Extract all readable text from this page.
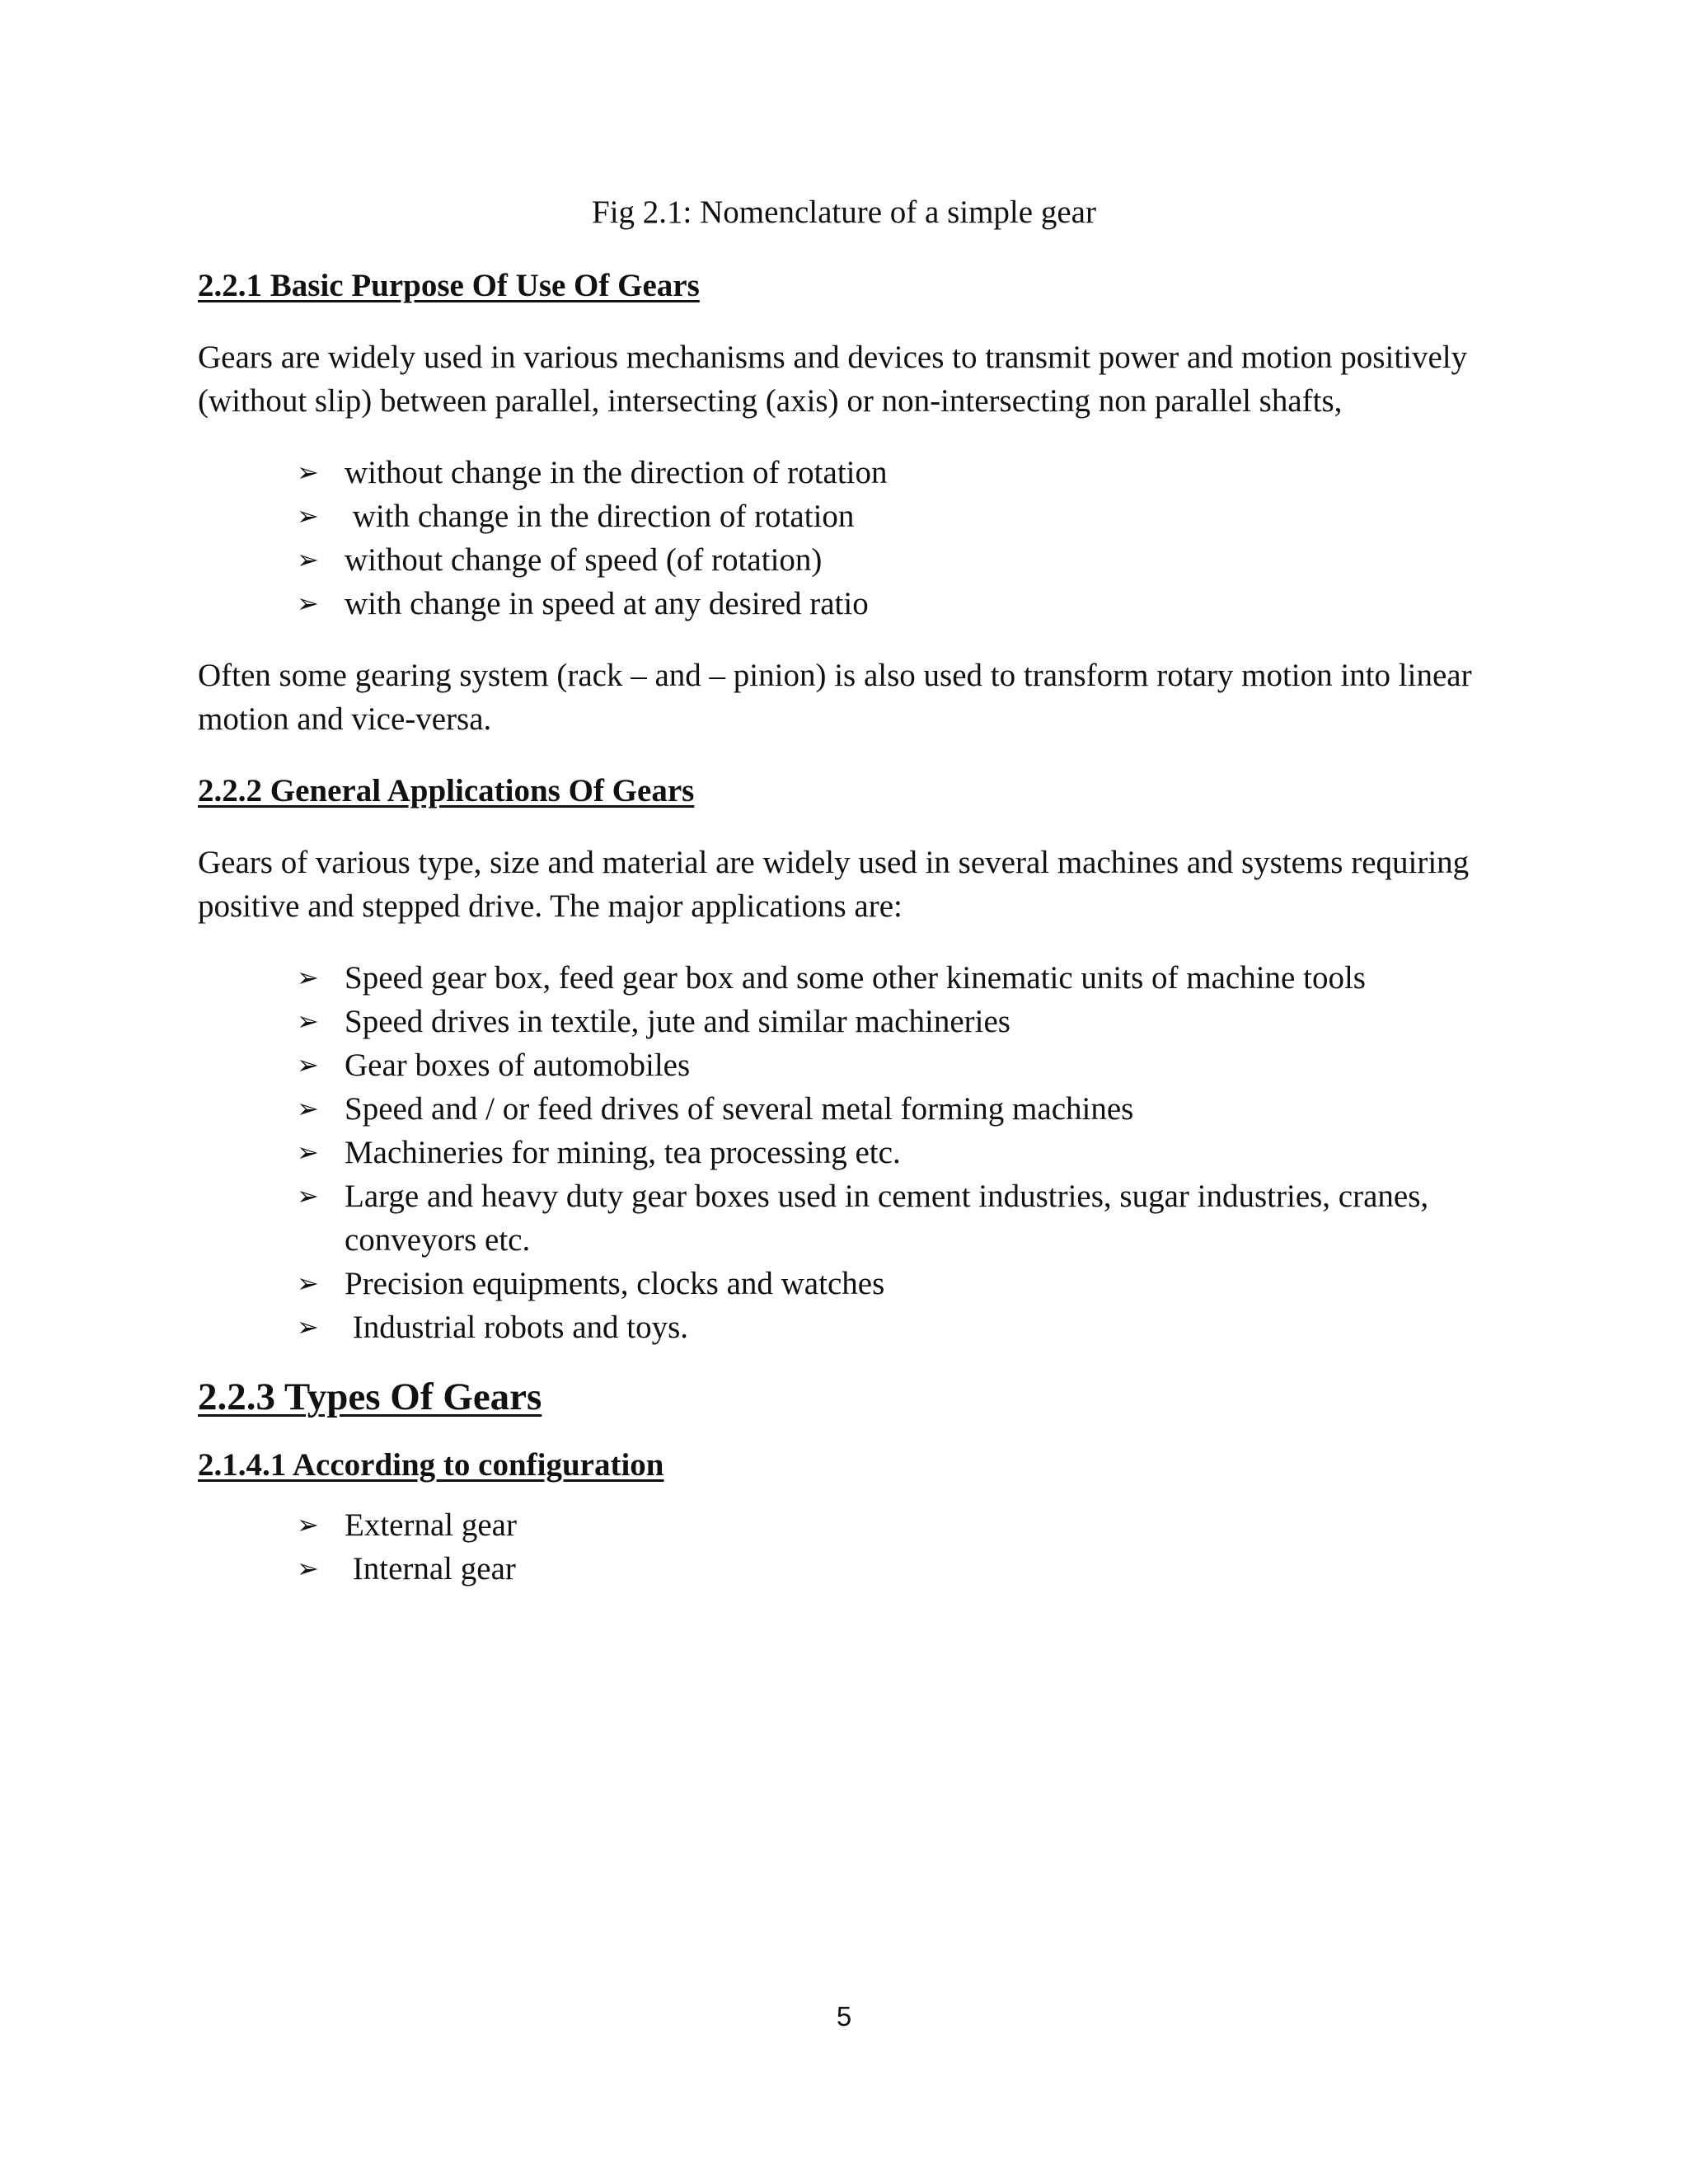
Fig 2.1: Nomenclature of a simple gear
2.2.1 Basic Purpose Of Use Of Gears

Gears are widely used in various mechanisms and devices to transmit power and motion positively (without slip) between parallel, intersecting (axis) or non-intersecting non parallel shafts,

➢ without change in the direction of rotation
➢ with change in the direction of rotation
➢ without change of speed (of rotation)
➢ with change in speed at any desired ratio

Often some gearing system (rack – and – pinion) is also used to transform rotary motion into linear motion and vice-versa.

2.2.2 General Applications Of Gears

Gears of various type, size and material are widely used in several machines and systems requiring positive and stepped drive. The major applications are:

➢ Speed gear box, feed gear box and some other kinematic units of machine tools
➢ Speed drives in textile, jute and similar machineries
➢ Gear boxes of automobiles
➢ Speed and / or feed drives of several metal forming machines
➢ Machineries for mining, tea processing etc.
➢ Large and heavy duty gear boxes used in cement industries, sugar industries, cranes, conveyors etc.
➢ Precision equipments, clocks and watches
➢ Industrial robots and toys.
2.2.3 Types Of Gears
2.1.4.1 According to configuration
➢ External gear
➢ Internal gear
5
